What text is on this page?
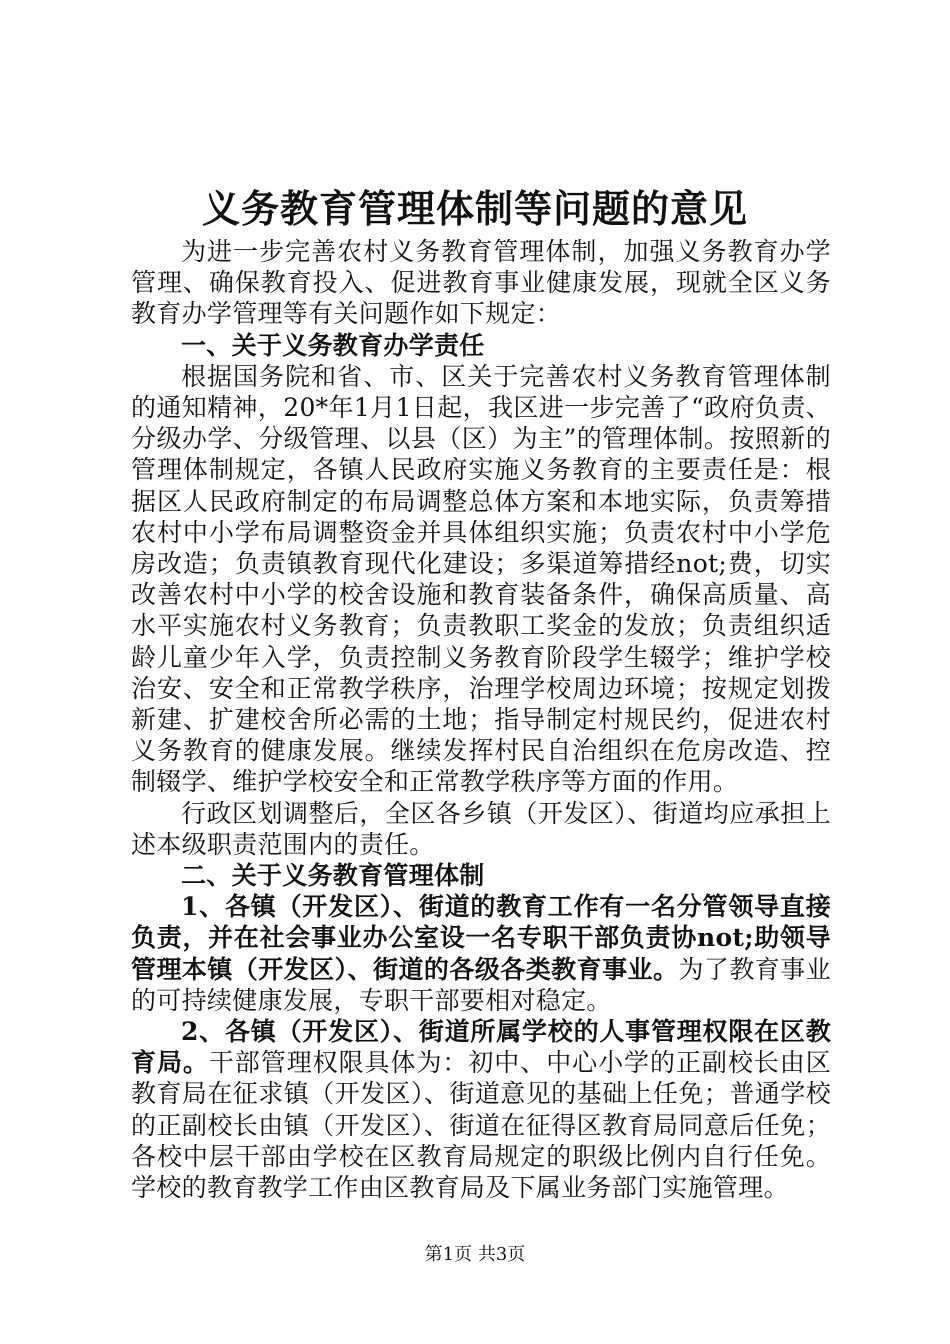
义务教育管理体制等问题的意见

为进一步完善农村义务教育管理体制，加强义务教育办学管理、确保教育投入、促进教育事业健康发展，现就全区义务教育办学管理等有关问题作如下规定：

一、关于义务教育办学责任

根据国务院和省、市、区关于完善农村义务教育管理体制的通知精神，20*年1月1日起，我区进一步完善了“政府负责、分级办学、分级管理、以县（区）为主”的管理体制。按照新的管理体制规定，各镇人民政府实施义务教育的主要责任是：根据区人民政府制定的布局调整总体方案和本地实际，负责筹措农村中小学布局调整资金并具体组织实施；负责农村中小学危房改造；负责镇教育现代化建设；多渠道筹措经not;费，切实改善农村中小学的校舍设施和教育装备条件，确保高质量、高水平实施农村义务教育；负责教职工奖金的发放；负责组织适龄儿童少年入学，负责控制义务教育阶段学生辍学；维护学校治安、安全和正常教学秩序，治理学校周边环境；按规定划拨新建、扩建校舍所必需的土地；指导制定村规民约，促进农村义务教育的健康发展。继续发挥村民自治组织在危房改造、控制辍学、维护学校安全和正常教学秩序等方面的作用。

行政区划调整后，全区各乡镇（开发区）、街道均应承担上述本级职责范围内的责任。

二、关于义务教育管理体制

1、各镇（开发区）、街道的教育工作有一名分管领导直接负责，并在社会事业办公室设一名专职干部负责协not;助领导管理本镇（开发区）、街道的各级各类教育事业。为了教育事业的可持续健康发展，专职干部要相对稳定。

2、各镇（开发区）、街道所属学校的人事管理权限在区教育局。干部管理权限具体为：初中、中心小学的正副校长由区教育局在征求镇（开发区）、街道意见的基础上任免；普通学校的正副校长由镇（开发区）、街道在征得区教育局同意后任免；各校中层干部由学校在区教育局规定的职级比例内自行任免。学校的教育教学工作由区教育局及下属业务部门实施管理。

第1页 共3页
